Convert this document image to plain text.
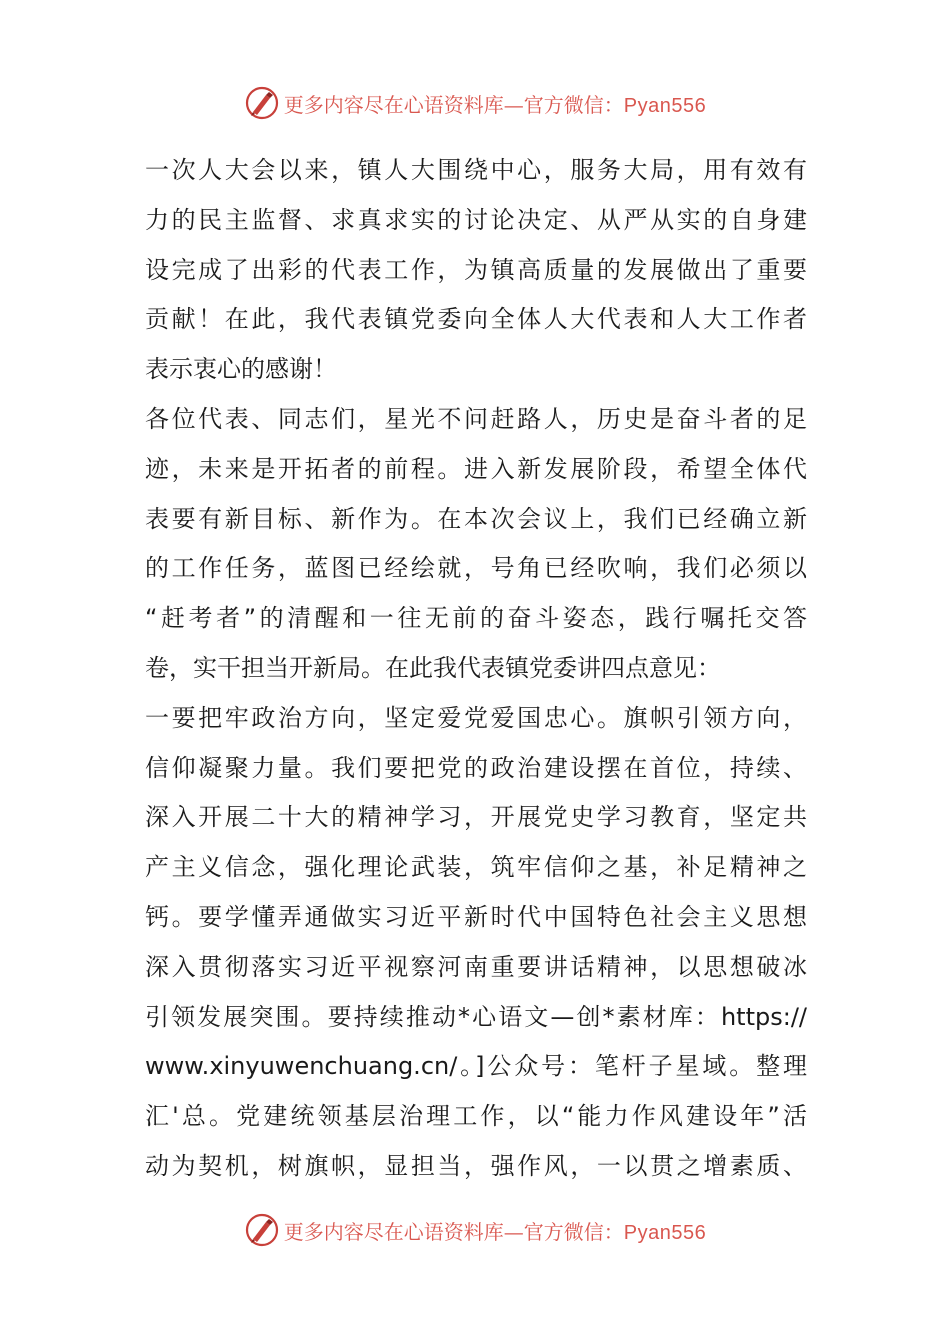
更多内容尽在心语资料库—官方微信：Pyan556
一次人大会以来，镇人大围绕中心，服务大局，用有效有
力的民主监督、求真求实的讨论决定、从严从实的自身建
设完成了出彩的代表工作，为镇高质量的发展做出了重要
贡献！在此，我代表镇党委向全体人大代表和人大工作者
表示衷心的感谢！
各位代表、同志们，星光不问赶路人，历史是奋斗者的足
迹，未来是开拓者的前程。进入新发展阶段，希望全体代
表要有新目标、新作为。在本次会议上，我们已经确立新
的工作任务，蓝图已经绘就，号角已经吹响，我们必须以
“赶考者”的清醒和一往无前的奋斗姿态，践行嘱托交答
卷，实干担当开新局。在此我代表镇党委讲四点意见：
一要把牢政治方向，坚定爱党爱国忠心。旗帜引领方向，
信仰凝聚力量。我们要把党的政治建设摆在首位，持续、
深入开展二十大的精神学习，开展党史学习教育，坚定共
产主义信念，强化理论武装，筑牢信仰之基，补足精神之
钙。要学懂弄通做实习近平新时代中国特色社会主义思想
深入贯彻落实习近平视察河南重要讲话精神，以思想破冰
引领发展突围。要持续推动*心语文—创*素材库：https://
www.xinyuwenchuang.cn/。]公众号：笔杆子星域。整理
汇'总。党建统领基层治理工作，以“能力作风建设年”活
动为契机，树旗帜，显担当，强作风，一以贯之增素质、
更多内容尽在心语资料库—官方微信：Pyan556
